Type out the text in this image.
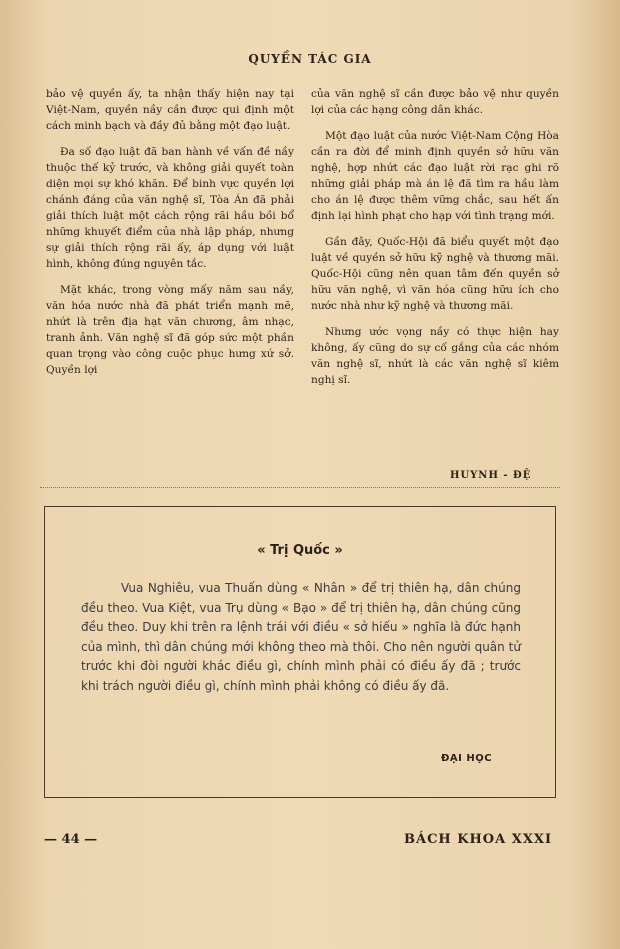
QUYỀN TÁC GIA

bảo vệ quyền ấy, ta nhận thấy hiện nay tại Việt-Nam, quyền nầy cần được qui định một cách minh bạch và đầy đủ bằng một đạo luật.

Đa số đạo luật đã ban hành về vấn đề nầy thuộc thế kỷ trước, và không giải quyết toàn diện mọi sự khó khăn. Để binh vực quyền lợi chánh đáng của văn nghệ sĩ, Tòa Án đã phải giải thích luật một cách rộng rãi hầu bồi bổ những khuyết điểm của nhà lập pháp, nhưng sự giải thích rộng rãi ấy, áp dụng với luật hình, không đúng nguyên tắc.

Mặt khác, trong vòng mấy năm sau nầy, văn hóa nước nhà đã phát triển mạnh mẽ, nhứt là trên địa hạt văn chương, âm nhạc, tranh ảnh. Văn nghệ sĩ đã góp sức một phần quan trọng vào công cuộc phục hưng xứ sở. Quyền lợi

của văn nghệ sĩ cần được bảo vệ như quyền lợi của các hạng công dân khác.

Một đạo luật của nước Việt-Nam Cộng Hòa cần ra đời để minh định quyền sở hữu văn nghệ, hợp nhứt các đạo luật rời rạc ghi rõ những giải pháp mà án lệ đã tìm ra hầu làm cho án lệ được thêm vững chắc, sau hết ấn định lại hình phạt cho hạp với tình trạng mới.

Gần đây, Quốc-Hội đã biểu quyết một đạo luật về quyền sở hữu kỹ nghệ và thương mãi. Quốc-Hội cũng nên quan tâm đến quyền sở hữu văn nghệ, vì văn hóa cũng hữu ích cho nước nhà như kỹ nghệ và thương mãi.

Nhưng ước vọng nầy có thực hiện hay không, ấy cũng do sự cố gắng của các nhóm văn nghệ sĩ, nhứt là các văn nghệ sĩ kiêm nghị sĩ.

HUYNH - ĐỆ
« Trị Quốc »
Vua Nghiêu, vua Thuấn dùng « Nhân » để trị thiên hạ, dân chúng đều theo. Vua Kiệt, vua Trụ dùng « Bạo » để trị thiên hạ, dân chúng cũng đều theo. Duy khi trên ra lệnh trái với điều « sở hiếu » nghĩa là đức hạnh của mình, thì dân chúng mới không theo mà thôi. Cho nên người quân tử trước khi đòi người khác điều gì, chính mình phải có điều ấy đã ; trước khi trách người điều gì, chính mình phải không có điều ấy đã.
ĐẠI HỌC
— 44 —	BÁCH KHOA XXXI
